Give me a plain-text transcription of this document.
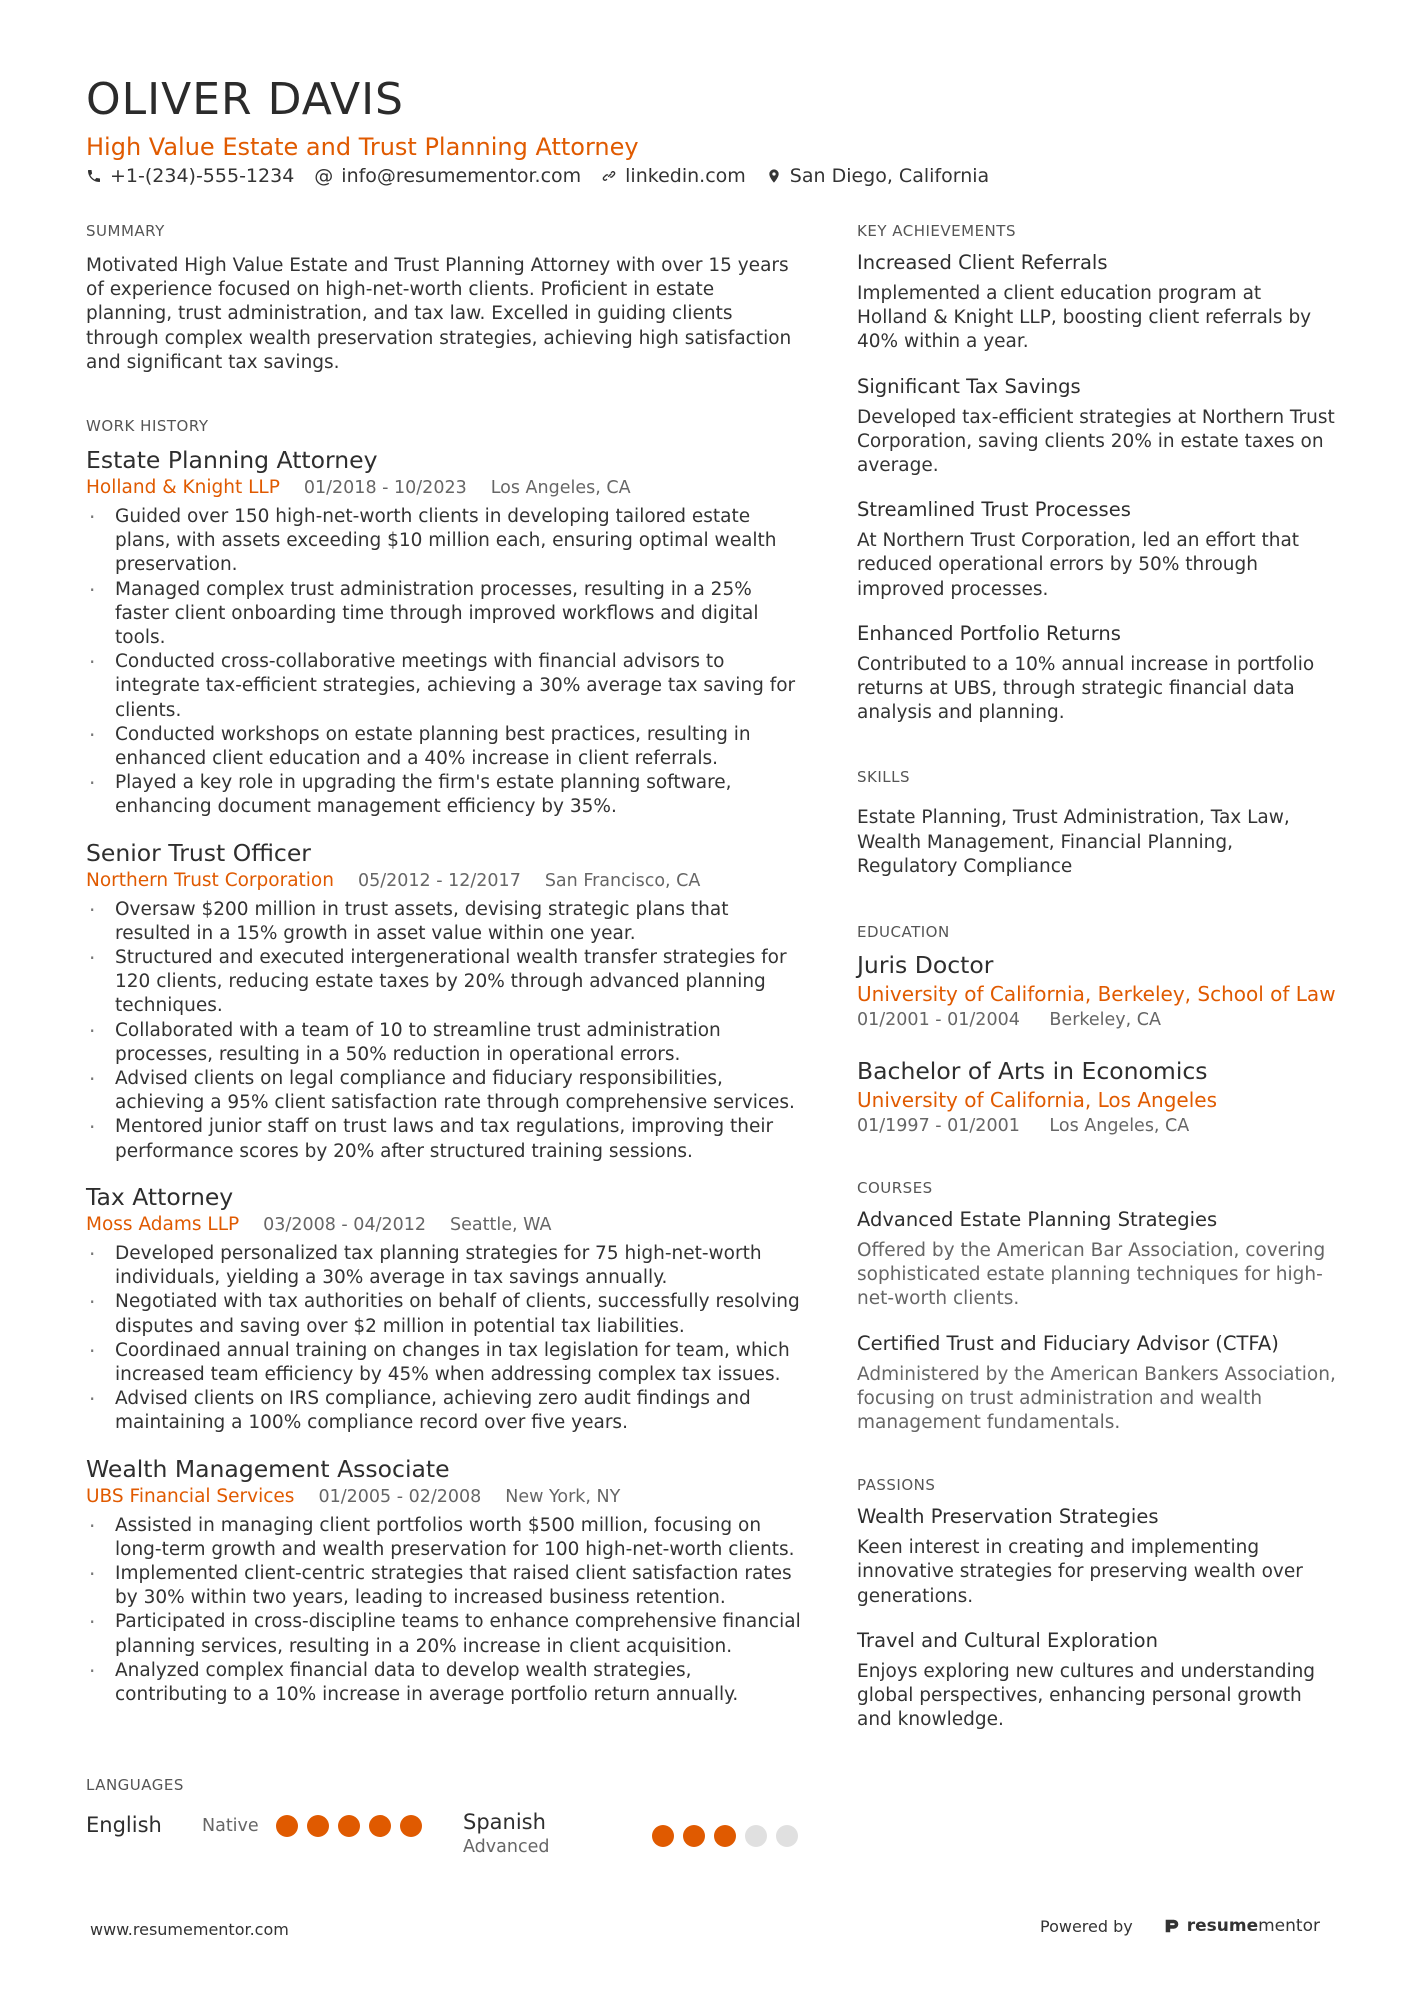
OLIVER DAVIS
High Value Estate and Trust Planning Attorney
+1-(234)-555-1234 @ info@resumementor.com linkedin.com San Diego, California
SUMMARY

Motivated High Value Estate and Trust Planning Attorney with over 15 years of experience focused on high-net-worth clients. Proficient in estate planning, trust administration, and tax law. Excelled in guiding clients through complex wealth preservation strategies, achieving high satisfaction and significant tax savings.

WORK HISTORY
Estate Planning Attorney
Holland & Knight LLP 01/2018 - 10/2023 Los Angeles, CA
· Guided over 150 high-net-worth clients in developing tailored estate plans, with assets exceeding $10 million each, ensuring optimal wealth preservation.
· Managed complex trust administration processes, resulting in a 25% faster client onboarding time through improved workflows and digital tools.
· Conducted cross-collaborative meetings with financial advisors to integrate tax-efficient strategies, achieving a 30% average tax saving for clients.
· Conducted workshops on estate planning best practices, resulting in enhanced client education and a 40% increase in client referrals.
· Played a key role in upgrading the firm's estate planning software, enhancing document management efficiency by 35%.
Senior Trust Officer
Northern Trust Corporation 05/2012 - 12/2017 San Francisco, CA
· Oversaw $200 million in trust assets, devising strategic plans that resulted in a 15% growth in asset value within one year.
· Structured and executed intergenerational wealth transfer strategies for 120 clients, reducing estate taxes by 20% through advanced planning techniques.
· Collaborated with a team of 10 to streamline trust administration processes, resulting in a 50% reduction in operational errors.
· Advised clients on legal compliance and fiduciary responsibilities, achieving a 95% client satisfaction rate through comprehensive services.
· Mentored junior staff on trust laws and tax regulations, improving their performance scores by 20% after structured training sessions.
Tax Attorney
Moss Adams LLP 03/2008 - 04/2012 Seattle, WA
· Developed personalized tax planning strategies for 75 high-net-worth individuals, yielding a 30% average in tax savings annually.
· Negotiated with tax authorities on behalf of clients, successfully resolving disputes and saving over $2 million in potential tax liabilities.
· Coordinaed annual training on changes in tax legislation for team, which increased team efficiency by 45% when addressing complex tax issues.
· Advised clients on IRS compliance, achieving zero audit findings and maintaining a 100% compliance record over five years.
Wealth Management Associate
UBS Financial Services 01/2005 - 02/2008 New York, NY
· Assisted in managing client portfolios worth $500 million, focusing on long-term growth and wealth preservation for 100 high-net-worth clients.
· Implemented client-centric strategies that raised client satisfaction rates by 30% within two years, leading to increased business retention.
· Participated in cross-discipline teams to enhance comprehensive financial planning services, resulting in a 20% increase in client acquisition.
· Analyzed complex financial data to develop wealth strategies, contributing to a 10% increase in average portfolio return annually.
LANGUAGES
English Native	Spanish
Advanced
KEY ACHIEVEMENTS
Increased Client Referrals
Implemented a client education program at Holland & Knight LLP, boosting client referrals by 40% within a year.
Significant Tax Savings
Developed tax-efficient strategies at Northern Trust Corporation, saving clients 20% in estate taxes on average.
Streamlined Trust Processes
At Northern Trust Corporation, led an effort that reduced operational errors by 50% through improved processes.
Enhanced Portfolio Returns
Contributed to a 10% annual increase in portfolio returns at UBS, through strategic financial data analysis and planning.
SKILLS

Estate Planning, Trust Administration, Tax Law, Wealth Management, Financial Planning, Regulatory Compliance

EDUCATION
Juris Doctor
University of California, Berkeley, School of Law
01/2001 - 01/2004 Berkeley, CA
Bachelor of Arts in Economics
University of California, Los Angeles
01/1997 - 01/2001 Los Angeles, CA
COURSES
Advanced Estate Planning Strategies
Offered by the American Bar Association, covering sophisticated estate planning techniques for high-net-worth clients.
Certified Trust and Fiduciary Advisor (CTFA)
Administered by the American Bankers Association, focusing on trust administration and wealth management fundamentals.
PASSIONS
Wealth Preservation Strategies
Keen interest in creating and implementing innovative strategies for preserving wealth over generations.
Travel and Cultural Exploration
Enjoys exploring new cultures and understanding global perspectives, enhancing personal growth and knowledge.
www.resumementor.com	Powered by	resume mentor
